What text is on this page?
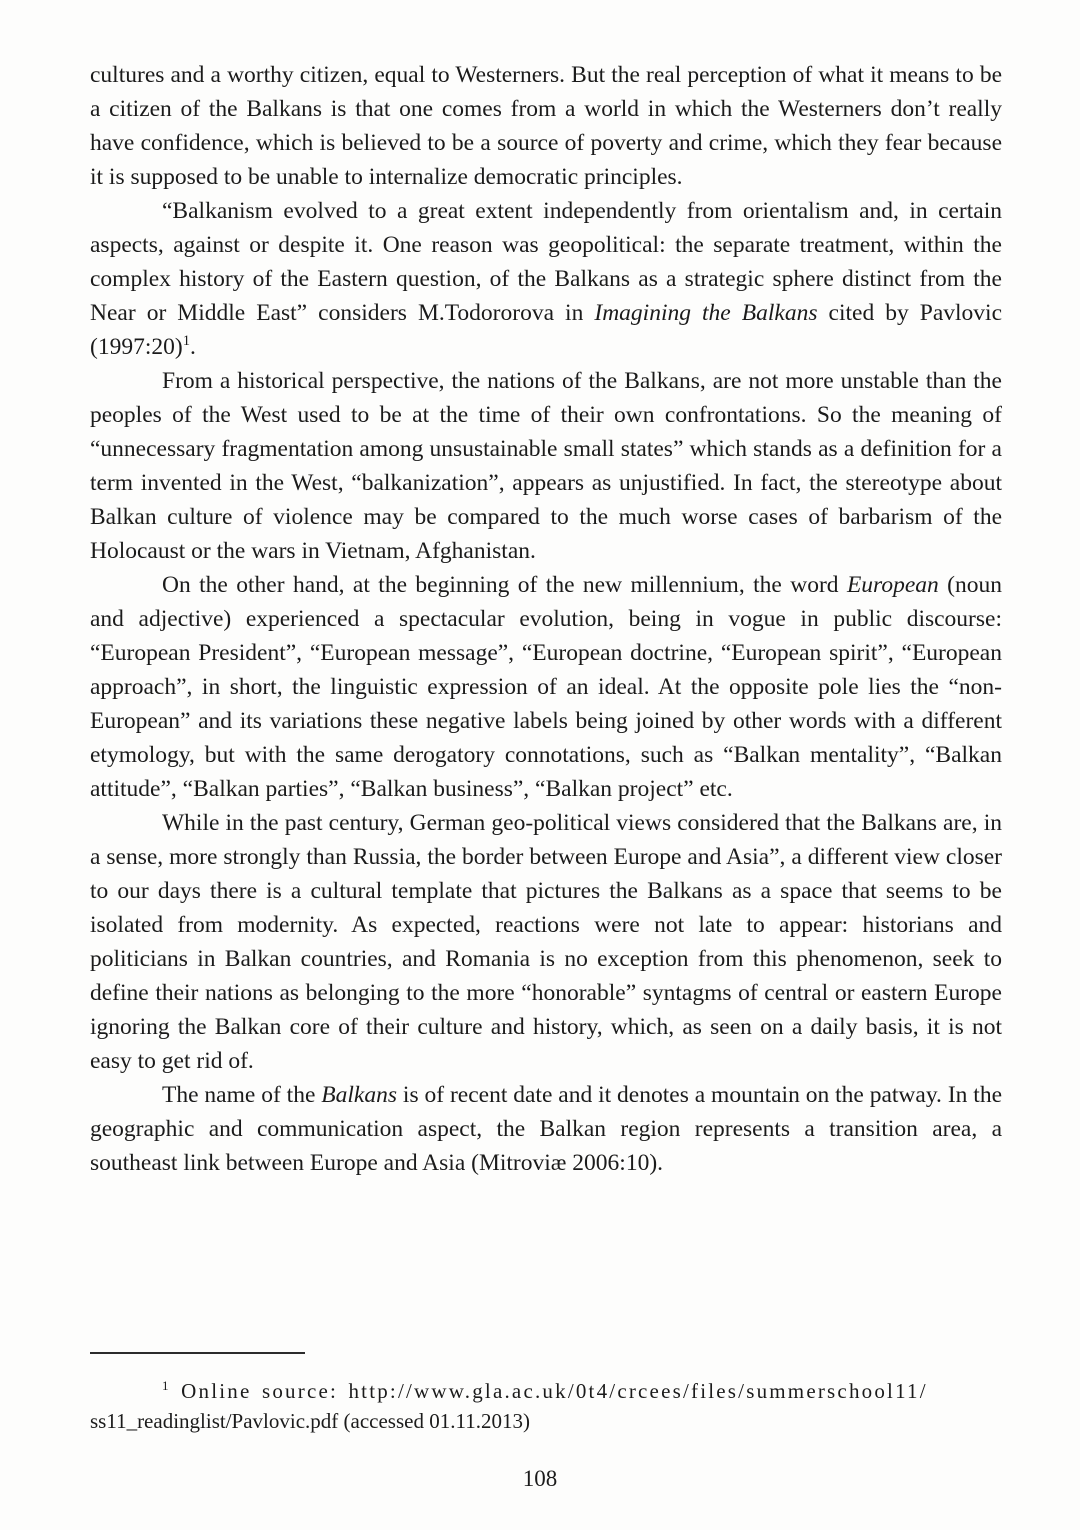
cultures and a worthy citizen, equal to Westerners. But the real perception of what it means to be a citizen of the Balkans is that one comes from a world in which the Westerners don’t really have confidence, which is believed to be a source of poverty and crime, which they fear because it is supposed to be unable to internalize democratic principles.

“Balkanism evolved to a great extent independently from orientalism and, in certain aspects, against or despite it. One reason was geopolitical: the separate treatment, within the complex history of the Eastern question, of the Balkans as a strategic sphere distinct from the Near or Middle East” considers M.Todororova in Imagining the Balkans cited by Pavlovic (1997:20)$^1$.

From a historical perspective, the nations of the Balkans, are not more unstable than the peoples of the West used to be at the time of their own confrontations. So the meaning of “unnecessary fragmentation among unsustainable small states” which stands as a definition for a term invented in the West, “balkanization”, appears as unjustified. In fact, the stereotype about Balkan culture of violence may be compared to the much worse cases of barbarism of the Holocaust or the wars in Vietnam, Afghanistan.

On the other hand, at the beginning of the new millennium, the word European (noun and adjective) experienced a spectacular evolution, being in vogue in public discourse: “European President”, “European message”, “European doctrine, “European spirit”, “European approach”, in short, the linguistic expression of an ideal. At the opposite pole lies the “non-European” and its variations these negative labels being joined by other words with a different etymology, but with the same derogatory connotations, such as “Balkan mentality”, “Balkan attitude”, “Balkan parties”, “Balkan business”, “Balkan project” etc.

While in the past century, German geo-political views considered that the Balkans are, in a sense, more strongly than Russia, the border between Europe and Asia”, a different view closer to our days there is a cultural template that pictures the Balkans as a space that seems to be isolated from modernity. As expected, reactions were not late to appear: historians and politicians in Balkan countries, and Romania is no exception from this phenomenon, seek to define their nations as belonging to the more “honorable” syntagms of central or eastern Europe ignoring the Balkan core of their culture and history, which, as seen on a daily basis, it is not easy to get rid of.

The name of the Balkans is of recent date and it denotes a mountain on the patway. In the geographic and communication aspect, the Balkan region represents a transition area, a southeast link between Europe and Asia (Mitroviæ 2006:10).

$^1$ Online source: http://www.gla.ac.uk/0t4/crcees/files/summerschool11/
ss11_readinglist/Pavlovic.pdf (accessed 01.11.2013)
108
